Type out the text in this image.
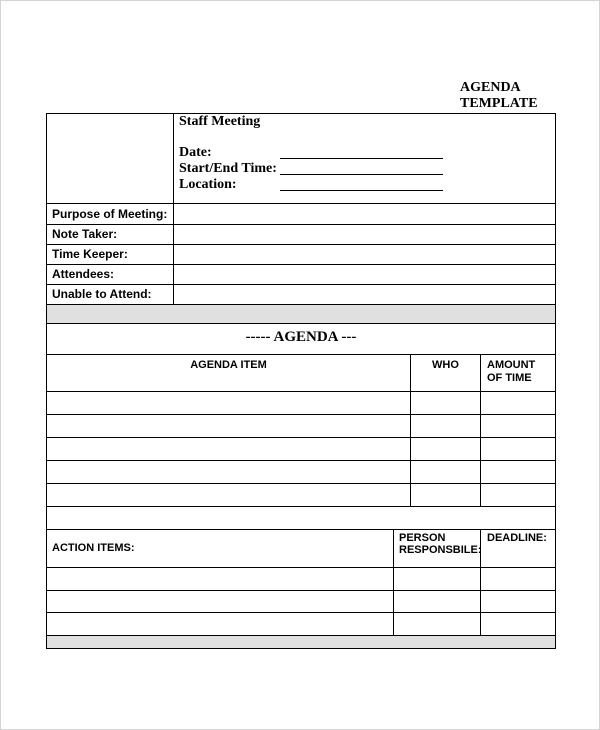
AGENDA
TEMPLATE
Staff Meeting
Date:
Start/End Time:
Location:
Purpose of Meeting:
Note Taker:
Time Keeper:
Attendees:
Unable to Attend:
----- AGENDA ---
AGENDA ITEM	WHO	AMOUNT
OF TIME
ACTION ITEMS:
PERSON
RESPONSBILE:
DEADLINE:
